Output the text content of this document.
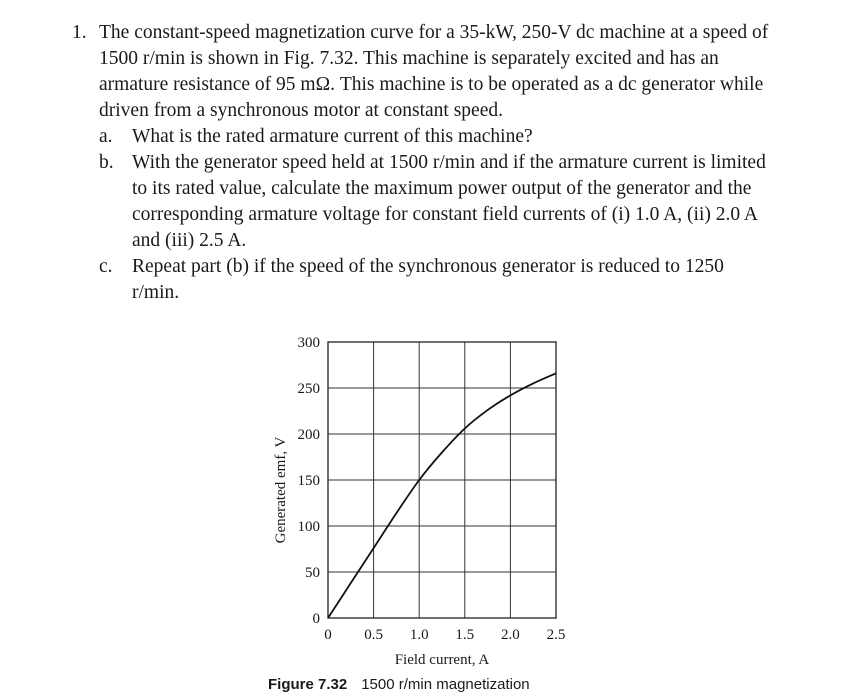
1. The constant-speed magnetization curve for a 35-kW, 250-V dc machine at a speed of 1500 r/min is shown in Fig. 7.32. This machine is separately excited and has an armature resistance of 95 mΩ. This machine is to be operated as a dc generator while driven from a synchronous motor at constant speed.
a. What is the rated armature current of this machine?
b. With the generator speed held at 1500 r/min and if the armature current is limited to its rated value, calculate the maximum power output of the generator and the corresponding armature voltage for constant field currents of (i) 1.0 A, (ii) 2.0 A and (iii) 2.5 A.
c. Repeat part (b) if the speed of the synchronous generator is reduced to 1250 r/min.
0 0.5 1.0 1.5 2.0 2.5
0
50
100
150
200
250
300
Field current, A
Generated emf, V
Figure 7.32 1500 r/min magnetization
